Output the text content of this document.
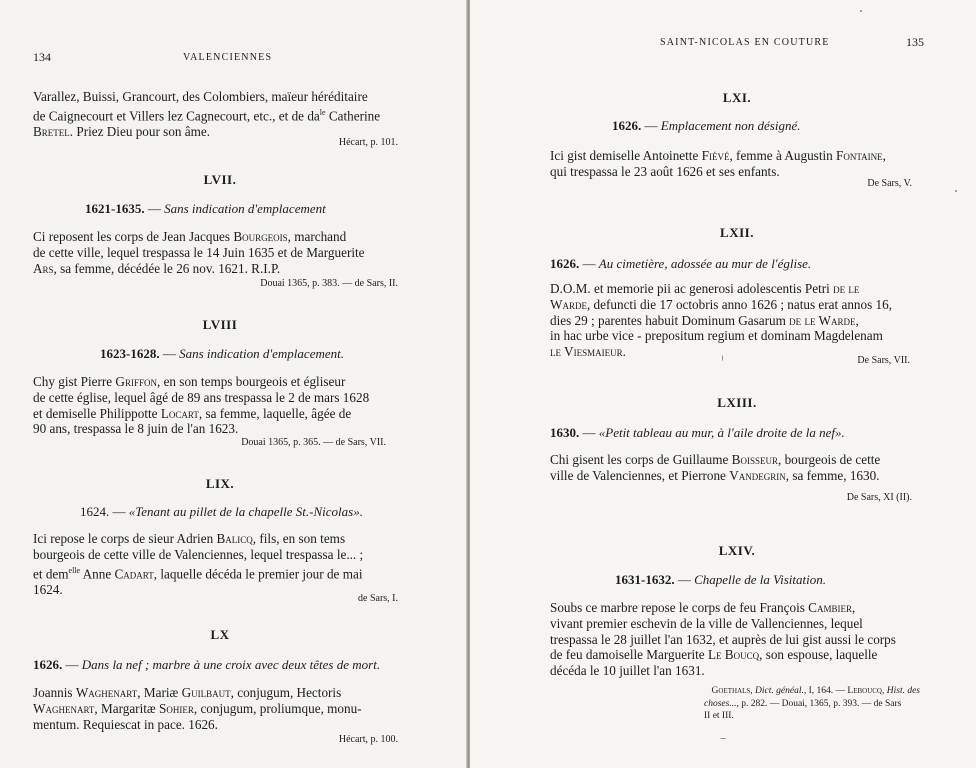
134	VALENCIENNES
Varallez, Buissi, Grancourt, des Colombiers, maïeur héréditaire
de Caignecourt et Villers lez Cagnecourt, etc., et de $da^{le}$ Catherine
Bretel. Priez Dieu pour son âme.
Hécart, p. 101.
LVII.
1621-1635. — Sans indication d'emplacement
Ci reposent les corps de Jean Jacques Bourgeois, marchand
de cette ville, lequel trespassa le 14 Juin 1635 et de Marguerite
Ars, sa femme, décédée le 26 nov. 1621. R.I.P.
Douai 1365, p. 383. — de Sars, II.
LVIII
1623-1628. — Sans indication d'emplacement.
Chy gist Pierre Griffon, en son temps bourgeois et égliseur
de cette église, lequel âgé de 89 ans trespassa le 2 de mars 1628
et demiselle Philippotte Locart, sa femme, laquelle, âgée de
90 ans, trespassa le 8 juin de l'an 1623.
Douai 1365, p. 365. — de Sars, VII.
LIX.
1624. — «Tenant au pillet de la chapelle St.-Nicolas».
Ici repose le corps de sieur Adrien Balicq, fils, en son tems
bourgeois de cette ville de Valenciennes, lequel trespassa le... ;
et dem$^{elle}$ Anne Cadart, laquelle décéda le premier jour de mai
1624.
de Sars, I.
LX
1626. — Dans la nef ; marbre à une croix avec deux têtes de mort.
Joannis Waghenart, Mariæ Guilbaut, conjugum, Hectoris
Waghenart, Margaritæ Sohier, conjugum, proliumque, monu-
mentum. Requiescat in pace. 1626.
Hécart, p. 100.
SAINT-NICOLAS EN COUTURE	135
LXI.
1626. — Emplacement non désigné.
Ici gist demiselle Antoinette Fiévé, femme à Augustin Fontaine,
qui trespassa le 23 août 1626 et ses enfants.
De Sars, V.
LXII.
1626. — Au cimetière, adossée au mur de l'église.
D.O.M. et memorie pii ac generosi adolescentis Petri de le
Warde, defuncti die 17 octobris anno 1626 ; natus erat annos 16,
dies 29 ; parentes habuit Dominum Gasarum de le Warde,
in hac urbe vice - prepositum regium et dominam Magdelenam
le Viesmaieur.
De Sars, VII.
LXIII.
1630. — «Petit tableau au mur, à l'aile droite de la nef».
Chi gisent les corps de Guillaume Boisseur, bourgeois de cette
ville de Valenciennes, et Pierrone Vandegrin, sa femme, 1630.
De Sars, XI (II).
LXIV.
1631-1632. — Chapelle de la Visitation.
Soubs ce marbre repose le corps de feu François Cambier,
vivant premier eschevin de la ville de Vallenciennes, lequel
trespassa le 28 juillet l'an 1632, et auprès de lui gist aussi le corps
de feu damoiselle Marguerite Le Boucq, son espouse, laquelle
décéda le 10 juillet l'an 1631.
Goethals, Dict. généal., I, 164. — Leboucq, Hist. des
choses..., p. 282. — Douai, 1365, p. 393. — de Sars
II et III.
